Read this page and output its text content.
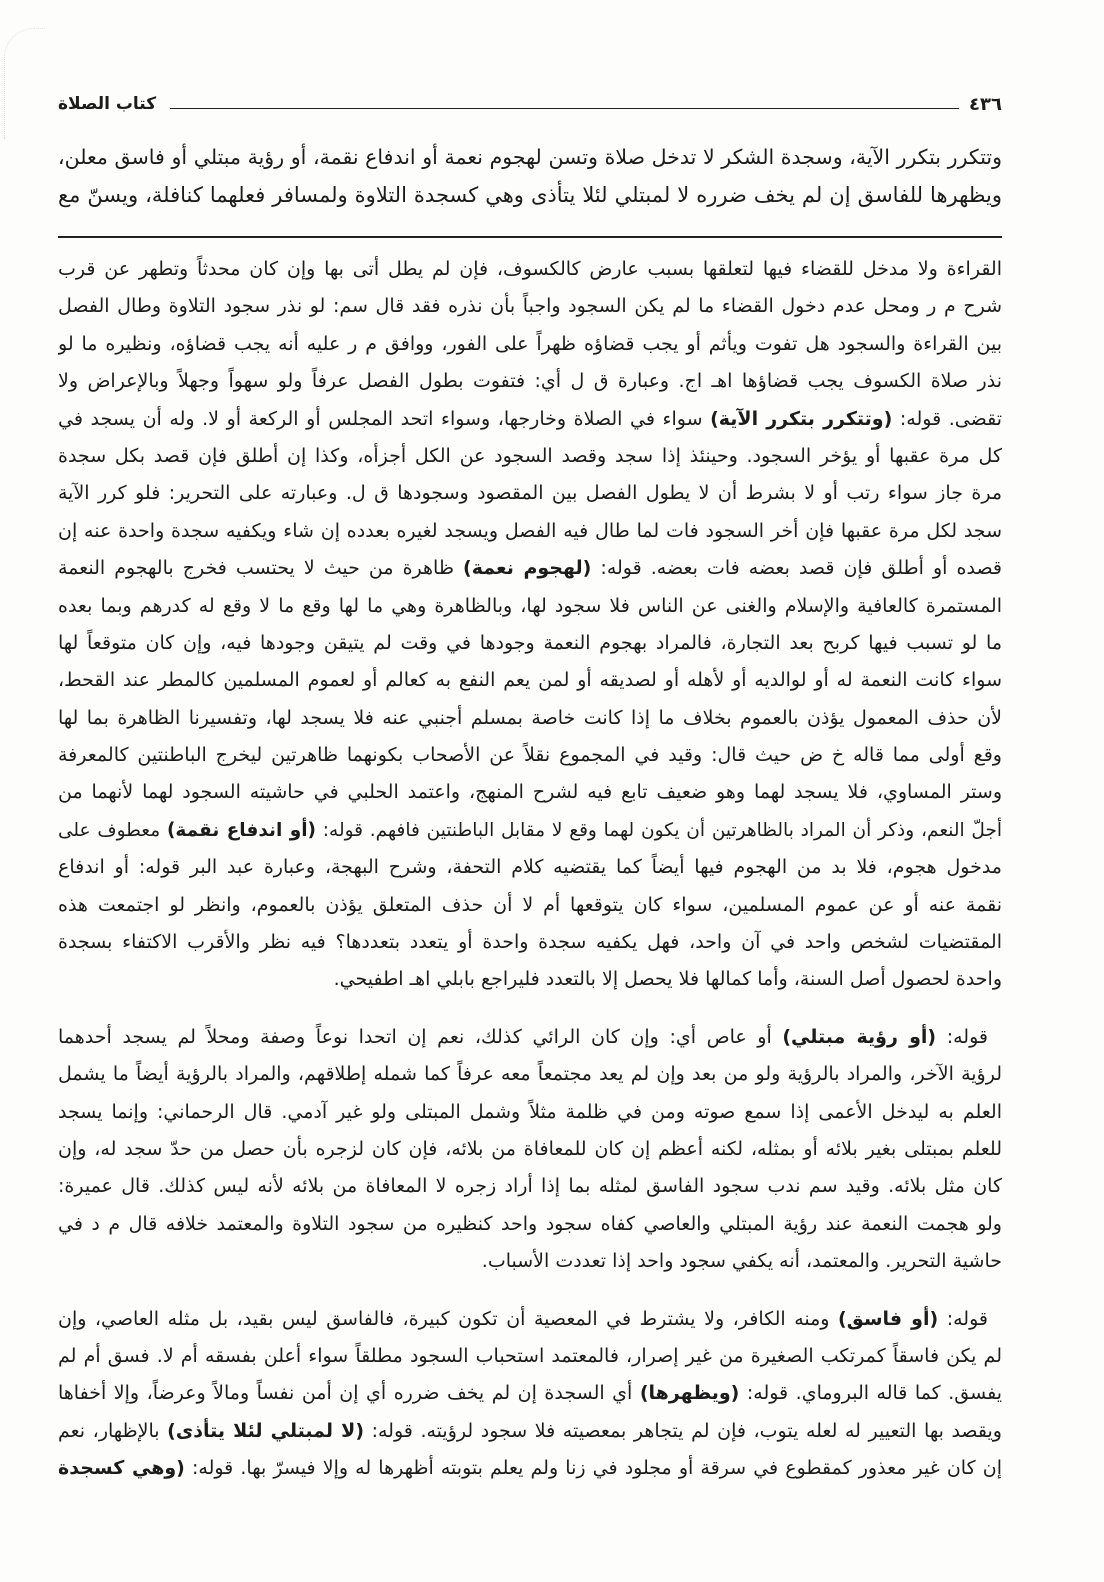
٤٣٦
كتاب الصلاة
وتتكرر بتكرر الآية، وسجدة الشكر لا تدخل صلاة وتسن لهجوم نعمة أو اندفاع نقمة، أو رؤية مبتلي أو فاسق معلن،
ويظهرها للفاسق إن لم يخف ضرره لا لمبتلي لئلا يتأذى وهي كسجدة التلاوة ولمسافر فعلهما كنافلة، ويسنّ مع
القراءة ولا مدخل للقضاء فيها لتعلقها بسبب عارض كالكسوف، فإن لم يطل أتى بها وإن كان محدثاً وتطهر عن قرب
شرح م ر ومحل عدم دخول القضاء ما لم يكن السجود واجباً بأن نذره فقد قال سم: لو نذر سجود التلاوة وطال الفصل
بين القراءة والسجود هل تفوت ويأثم أو يجب قضاؤه ظهراً على الفور، ووافق م ر عليه أنه يجب قضاؤه، ونظيره ما لو
نذر صلاة الكسوف يجب قضاؤها اهـ اج. وعبارة ق ل أي: فتفوت بطول الفصل عرفاً ولو سهواً وجهلاً وبالإعراض ولا
تقضى. قوله: (وتتكرر بتكرر الآية) سواء في الصلاة وخارجها، وسواء اتحد المجلس أو الركعة أو لا. وله أن يسجد في
كل مرة عقبها أو يؤخر السجود. وحينئذ إذا سجد وقصد السجود عن الكل أجزأه، وكذا إن أطلق فإن قصد بكل سجدة
مرة جاز سواء رتب أو لا بشرط أن لا يطول الفصل بين المقصود وسجودها ق ل. وعبارته على التحرير: فلو كرر الآية
سجد لكل مرة عقبها فإن أخر السجود فات لما طال فيه الفصل ويسجد لغيره بعدده إن شاء ويكفيه سجدة واحدة عنه إن
قصده أو أطلق فإن قصد بعضه فات بعضه. قوله: (لهجوم نعمة) ظاهرة من حيث لا يحتسب فخرج بالهجوم النعمة
المستمرة كالعافية والإسلام والغنى عن الناس فلا سجود لها، وبالظاهرة وهي ما لها وقع ما لا وقع له كدرهم وبما بعده
ما لو تسبب فيها كربح بعد التجارة، فالمراد بهجوم النعمة وجودها في وقت لم يتيقن وجودها فيه، وإن كان متوقعاً لها
سواء كانت النعمة له أو لوالديه أو لأهله أو لصديقه أو لمن يعم النفع به كعالم أو لعموم المسلمين كالمطر عند القحط،
لأن حذف المعمول يؤذن بالعموم بخلاف ما إذا كانت خاصة بمسلم أجنبي عنه فلا يسجد لها، وتفسيرنا الظاهرة بما لها
وقع أولى مما قاله خ ض حيث قال: وقيد في المجموع نقلاً عن الأصحاب بكونهما ظاهرتين ليخرج الباطنتين كالمعرفة
وستر المساوي، فلا يسجد لهما وهو ضعيف تابع فيه لشرح المنهج، واعتمد الحلبي في حاشيته السجود لهما لأنهما من
أجلّ النعم، وذكر أن المراد بالظاهرتين أن يكون لهما وقع لا مقابل الباطنتين فافهم. قوله: (أو اندفاع نقمة) معطوف على
مدخول هجوم، فلا بد من الهجوم فيها أيضاً كما يقتضيه كلام التحفة، وشرح البهجة، وعبارة عبد البر قوله: أو اندفاع
نقمة عنه أو عن عموم المسلمين، سواء كان يتوقعها أم لا أن حذف المتعلق يؤذن بالعموم، وانظر لو اجتمعت هذه
المقتضيات لشخص واحد في آن واحد، فهل يكفيه سجدة واحدة أو يتعدد بتعددها؟ فيه نظر والأقرب الاكتفاء بسجدة
واحدة لحصول أصل السنة، وأما كمالها فلا يحصل إلا بالتعدد فليراجع بابلي اهـ اطفيحي.
قوله: (أو رؤية مبتلي) أو عاص أي: وإن كان الرائي كذلك، نعم إن اتحدا نوعاً وصفة ومحلاً لم يسجد أحدهما
لرؤية الآخر، والمراد بالرؤية ولو من بعد وإن لم يعد مجتمعاً معه عرفاً كما شمله إطلاقهم، والمراد بالرؤية أيضاً ما يشمل
العلم به ليدخل الأعمى إذا سمع صوته ومن في ظلمة مثلاً وشمل المبتلى ولو غير آدمي. قال الرحماني: وإنما يسجد
للعلم بمبتلى بغير بلائه أو بمثله، لكنه أعظم إن كان للمعافاة من بلائه، فإن كان لزجره بأن حصل من حدّ سجد له، وإن
كان مثل بلائه. وقيد سم ندب سجود الفاسق لمثله بما إذا أراد زجره لا المعافاة من بلائه لأنه ليس كذلك. قال عميرة:
ولو هجمت النعمة عند رؤية المبتلي والعاصي كفاه سجود واحد كنظيره من سجود التلاوة والمعتمد خلافه قال م د في
حاشية التحرير. والمعتمد، أنه يكفي سجود واحد إذا تعددت الأسباب.
قوله: (أو فاسق) ومنه الكافر، ولا يشترط في المعصية أن تكون كبيرة، فالفاسق ليس بقيد، بل مثله العاصي، وإن
لم يكن فاسقاً كمرتكب الصغيرة من غير إصرار، فالمعتمد استحباب السجود مطلقاً سواء أعلن بفسقه أم لا. فسق أم لم
يفسق. كما قاله البروماي. قوله: (ويظهرها) أي السجدة إن لم يخف ضرره أي إن أمن نفساً ومالاً وعرضاً، وإلا أخفاها
ويقصد بها التعيير له لعله يتوب، فإن لم يتجاهر بمعصيته فلا سجود لرؤيته. قوله: (لا لمبتلي لئلا يتأذى) بالإظهار، نعم
إن كان غير معذور كمقطوع في سرقة أو مجلود في زنا ولم يعلم بتوبته أظهرها له وإلا فيسرّ بها. قوله: (وهي كسجدة
